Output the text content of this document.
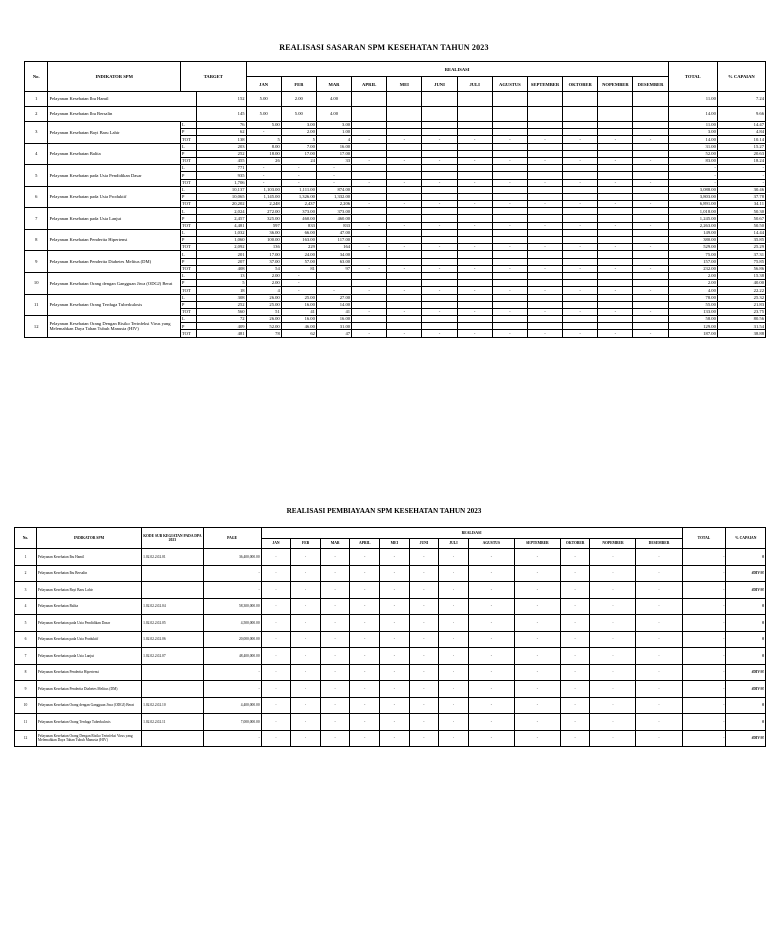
REALISASI SASARAN SPM KESEHATAN TAHUN 2023
No.	INDIKATOR SPM	TARGET		REALISASI												TOTAL	% CAPAIAN
				JAN	FEB	MAR	APRIL	MEI	JUNI	JULI	AGUSTUS	SEPTEMBER	OKTOBER	NOPEMBER	DESEMBER		
1	Pelayanan Kesehatan Ibu Hamil		152	5.00	2.00	4.00										11.00	7.24
2	Pelayanan Kesehatan Ibu Bersalin		145	5.00	5.00	4.00										14.00	9.66
3	Pelayanan Kesehatan Bayi Baru Lahir	L	76	5.00	3.00	3.00										11.00	14.47
		P	62	-	2.00	1.00										3.00	4.84
		TOT	138	5	5	4	-	-	-	-	-	-	-	-	-	14.00	10.14
4	Pelayanan Kesehatan Balita	L	203	8.00	7.00	16.00										31.00	15.27
		P	252	18.00	17.00	17.00										52.00	20.63
		TOT	455	26	24	33	-	-	-	-	-	-	-	-	-	83.00	18.24
5	Pelayanan Kesehatan pada Usia Pendidikan Dasar	L	771	-	-	-										-	-
		P	935	-	-	-										-	-
		TOT	1,706	-	-	-	-	-	-	-	-	-	-	-	-	-	-
6	Pelayanan Kesehatan pada Usia Produktif	L	10,137	1,103.00	1,111.00	874.00										3,088.00	30.46
		P	10,065	1,145.00	1,326.00	1,332.00										3,803.00	37.78
		TOT	20,202	2,248	2,437	2,206	-	-	-	-	-	-	-	-	-	6,891.00	34.11
7	Pelayanan Kesehatan pada Usia Lanjut	L	2,024	272.00	373.00	373.00										1,018.00	50.30
		P	2,457	325.00	460.00	460.00										1,245.00	50.67
		TOT	4,481	597	833	833	-	-	-	-	-	-	-	-	-	2,263.00	50.50
8	Pelayanan Kesehatan Penderita Hipertensi	L	1,032	36.00	66.00	47.00										149.00	14.44
		P	1,060	100.00	163.00	117.00										380.00	35.85
		TOT	2,092	136	229	164	-	-	-	-	-	-	-	-	-	529.00	25.29
9	Pelayanan Kesehatan Penderita Diabetes Melitus (DM)	L	201	17.00	24.00	34.00										75.00	37.31
		P	207	37.00	57.00	63.00										157.00	75.85
		TOT	408	54	81	97	-	-	-	-	-	-	-	-	-	232.00	56.86
10	Pelayanan Kesehatan Orang dengan Gangguan Jiwa (ODGJ) Berat	L	13	2.00	-											2.00	15.38
		P	5	2.00	-											2.00	40.00
		TOT	18	4	-	-	-	-	-	-	-	-	-	-	-	4.00	22.22
11	Pelayanan Kesehatan Orang Terduga Tuberkulosis	L	308	26.00	25.00	27.00										78.00	25.32
		P	252	25.00	16.00	14.00										55.00	21.83
		TOT	560	51	41	41	-	-	-	-	-	-	-	-	-	133.00	23.75
12	Pelayanan Kesehatan Orang Dengan Risiko Terinfeksi Virus yang Melemahkan Daya Tahan Tubuh Manusia (HIV)	L	72	26.00	16.00	16.00										58.00	80.56
		P	409	52.00	46.00	31.00										129.00	31.54
		TOT	481	78	62	47	-	-	-	-	-	-	-	-	-	187.00	38.88
REALISASI PEMBIAYAAN SPM KESEHATAN TAHUN 2023
No.	INDIKATOR SPM	KODE SUB KEGIATAN PADA DPA 2023	PAGE	REALISASI												TOTAL	% CAPAIAN
				JAN	FEB	MAR	APRIL	MEI	JUNI	JULI	AGUSTUS	SEPTEMBER	OKTOBER	NOPEMBER	DESEMBER		
1	Pelayanan Kesehatan Ibu Hamil	1.02.02.2.02.01	36,400,000.00	-	-	-	-	-	-	-	-	-	-	-	-	-	0
2	Pelayanan Kesehatan Ibu Bersalin		-	-	-	-	-	-	-	-	-	-	-	-	-	-	#DIV/0!
3	Pelayanan Kesehatan Bayi Baru Lahir		-	-	-	-	-	-	-	-	-	-	-	-	-	-	#DIV/0!
4	Pelayanan Kesehatan Balita	1.02.02.2.02.04	58,300,000.00	-	-	-	-	-	-	-	-	-	-	-	-	-	0
5	Pelayanan Kesehatan pada Usia Pendidikan Dasar	1.02.02.2.02.05	4,500,000.00	-	-	-	-	-	-	-	-	-	-	-	-	-	0
6	Pelayanan Kesehatan pada Usia Produktif	1.02.02.2.02.06	20,000,000.00	-	-	-	-	-	-	-	-	-	-	-	-	-	0
7	Pelayanan Kesehatan pada Usia Lanjut	1.02.02.2.02.07	48,400,000.00	-	-	-	-	-	-	-	-	-	-	-	-	-	0
8	Pelayanan Kesehatan Penderita Hipertensi		-	-	-	-	-	-	-	-	-	-	-	-	-	-	#DIV/0!
9	Pelayanan Kesehatan Penderita Diabetes Melitus (DM)		-	-	-	-	-	-	-	-	-	-	-	-	-	-	#DIV/0!
10	Pelayanan Kesehatan Orang dengan Gangguan Jiwa (ODGJ) Berat	1.02.02.2.02.10	4,400,000.00	-	-	-	-	-	-	-	-	-	-	-	-	-	0
11	Pelayanan Kesehatan Orang Terduga Tuberkulosis	1.02.02.2.02.11	7,000,000.00	-	-	-	-	-	-	-	-	-	-	-	-	-	0
12	Pelayanan Kesehatan Orang Dengan Risiko Terinfeksi Virus yang Melemahkan Daya Tahan Tubuh Manusia (HIV)		-	-	-	-	-	-	-	-	-	-	-	-	-	-	#DIV/0!
